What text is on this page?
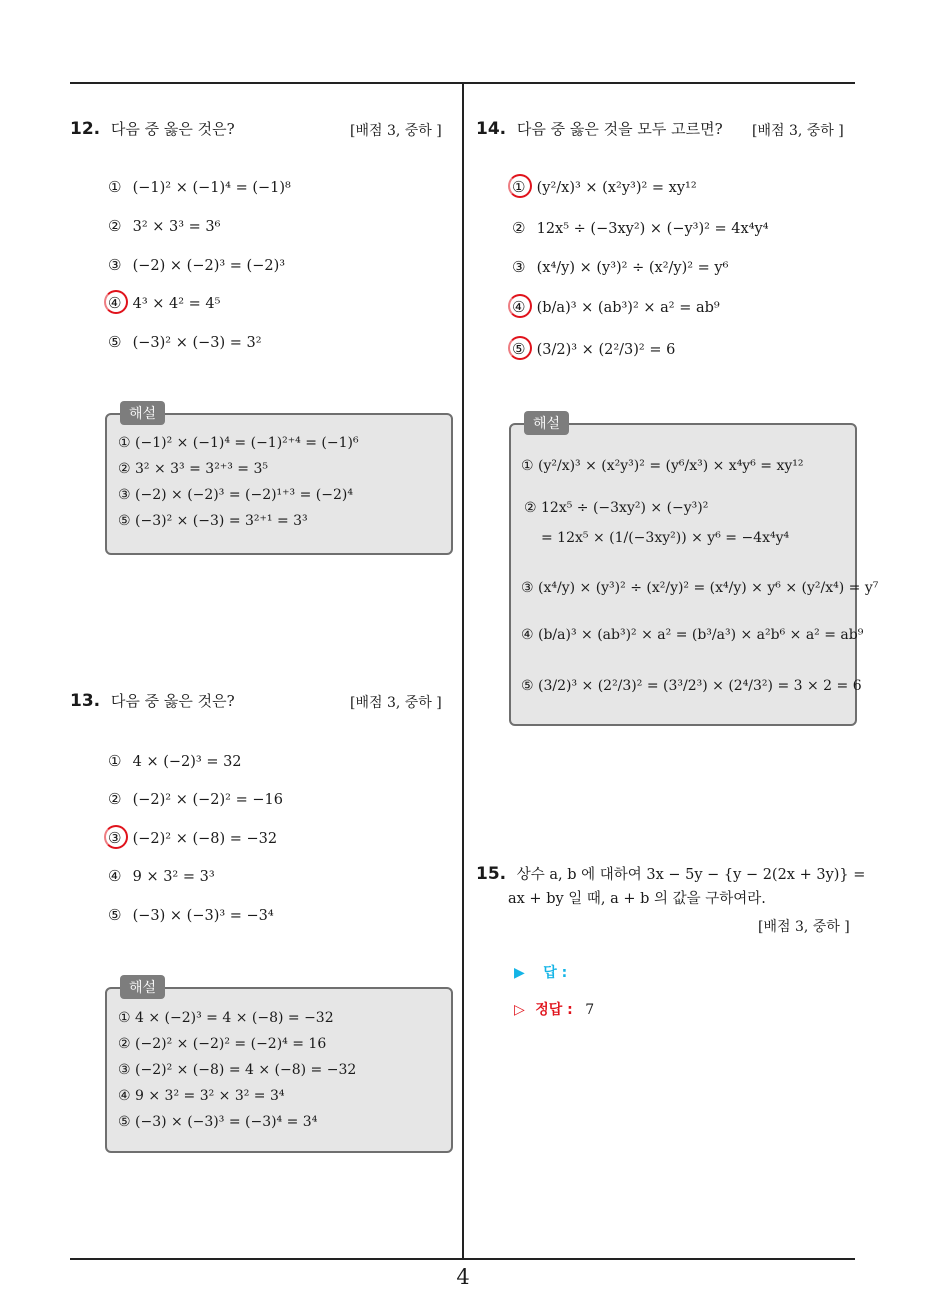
12. 다음 중 옳은 것은?	[배점 3, 중하 ]
① (−1)² × (−1)⁴ = (−1)⁸
② 3² × 3³ = 3⁶
③ (−2) × (−2)³ = (−2)³
④ 4³ × 4² = 4⁵
⑤ (−3)² × (−3) = 3²
해설
① (−1)² × (−1)⁴ = (−1)²⁺⁴ = (−1)⁶
② 3² × 3³ = 3²⁺³ = 3⁵
③ (−2) × (−2)³ = (−2)¹⁺³ = (−2)⁴
⑤ (−3)² × (−3) = 3²⁺¹ = 3³
13. 다음 중 옳은 것은?	[배점 3, 중하 ]
① 4 × (−2)³ = 32
② (−2)² × (−2)² = −16
③ (−2)² × (−8) = −32
④ 9 × 3² = 3³
⑤ (−3) × (−3)³ = −3⁴
해설
① 4 × (−2)³ = 4 × (−8) = −32
② (−2)² × (−2)² = (−2)⁴ = 16
③ (−2)² × (−8) = 4 × (−8) = −32
④ 9 × 3² = 3² × 3² = 3⁴
⑤ (−3) × (−3)³ = (−3)⁴ = 3⁴
14. 다음 중 옳은 것을 모두 고르면? [배점 3, 중하 ]
① (y²/x)³ × (x²y³)² = xy¹²
② 12x⁵ ÷ (−3xy²) × (−y³)² = 4x⁴y⁴
③ (x⁴/y) × (y³)² ÷ (x²/y)² = y⁶
④ (b/a)³ × (ab³)² × a² = ab⁹
⑤ (3/2)³ × (2²/3)² = 6
해설
① (y²/x)³ × (x²y³)² = (y⁶/x³) × x⁴y⁶ = xy¹²
② 12x⁵ ÷ (−3xy²) × (−y³)²
= 12x⁵ × (1/(−3xy²)) × y⁶ = −4x⁴y⁴
③ (x⁴/y) × (y³)² ÷ (x²/y)² = (x⁴/y) × y⁶ × (y²/x⁴) = y⁷
④ (b/a)³ × (ab³)² × a² = (b³/a³) × a²b⁶ × a² = ab⁹
⑤ (3/2)³ × (2²/3)² = (3³/2³) × (2⁴/3²) = 3 × 2 = 6
15. 상수 a, b 에 대하여 3x − 5y − {y − 2(2x + 3y)} =
ax + by 일 때, a + b 의 값을 구하여라.
[배점 3, 중하 ]
▶ 답 :
▷ 정답 : 7
4
